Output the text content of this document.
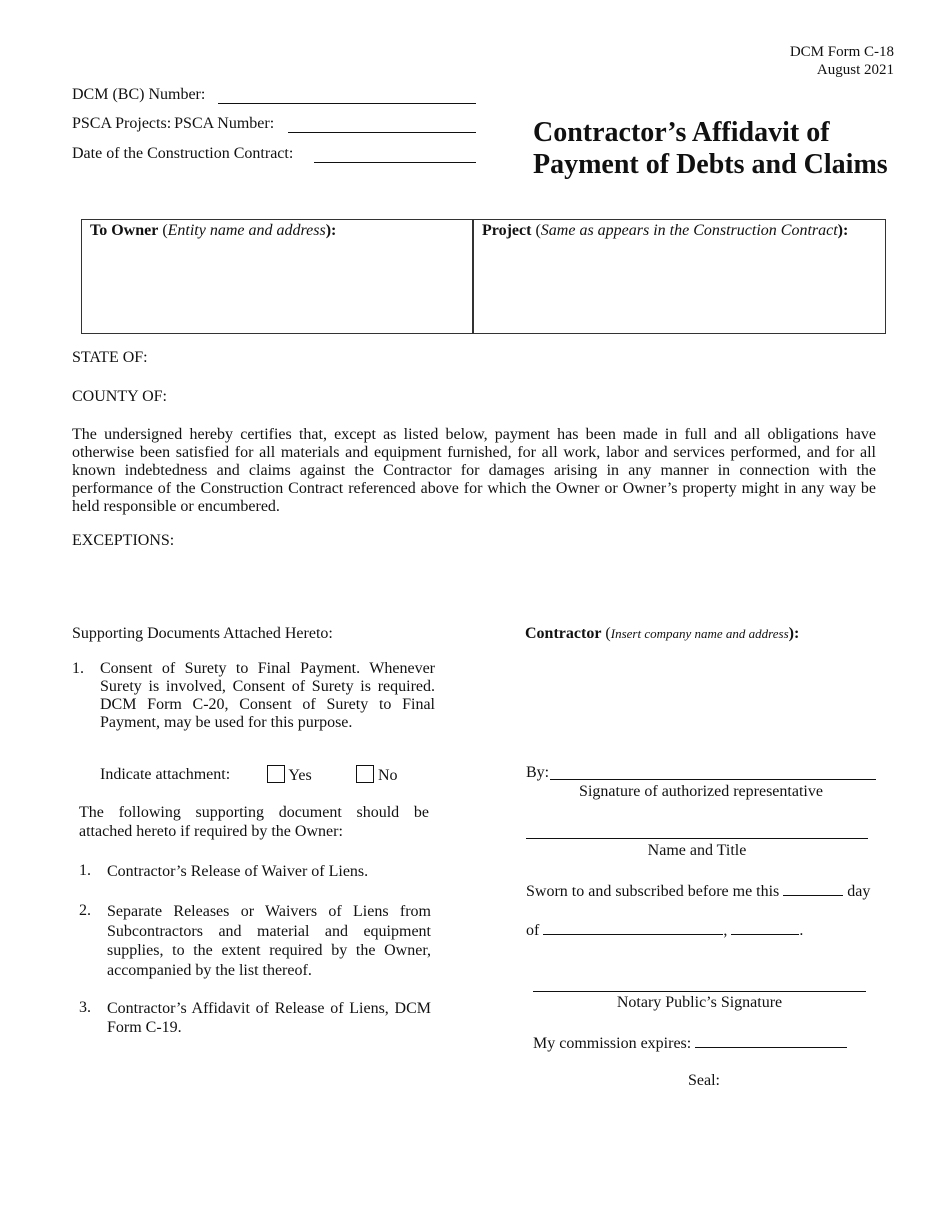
DCM Form C-18
August 2021
DCM (BC) Number:
PSCA Projects: PSCA Number:
Date of the Construction Contract:
Contractor’s Affidavit of
Payment of Debts and Claims
To Owner (Entity name and address):	Project (Same as appears in the Construction Contract):
STATE OF:
COUNTY OF:
The undersigned hereby certifies that, except as listed below, payment has been made in full and all obligations have otherwise been satisfied for all materials and equipment furnished, for all work, labor and services performed, and for all known indebtedness and claims against the Contractor for damages arising in any manner in connection with the performance of the Construction Contract referenced above for which the Owner or Owner’s property might in any way be held responsible or encumbered.
EXCEPTIONS:
Supporting Documents Attached Hereto:
1. Consent of Surety to Final Payment. Whenever Surety is involved, Consent of Surety is required. DCM Form C-20, Consent of Surety to Final Payment, may be used for this purpose.
Indicate attachment:	Yes	No
The following supporting document should be attached hereto if required by the Owner:
1. Contractor’s Release of Waiver of Liens.
2. Separate Releases or Waivers of Liens from Subcontractors and material and equipment supplies, to the extent required by the Owner, accompanied by the list thereof.
3. Contractor’s Affidavit of Release of Liens, DCM Form C-19.
Contractor (Insert company name and address):
By:
Signature of authorized representative
Name and Title
Sworn to and subscribed before me this	day
of	,	.
Notary Public’s Signature
My commission expires:
Seal:
